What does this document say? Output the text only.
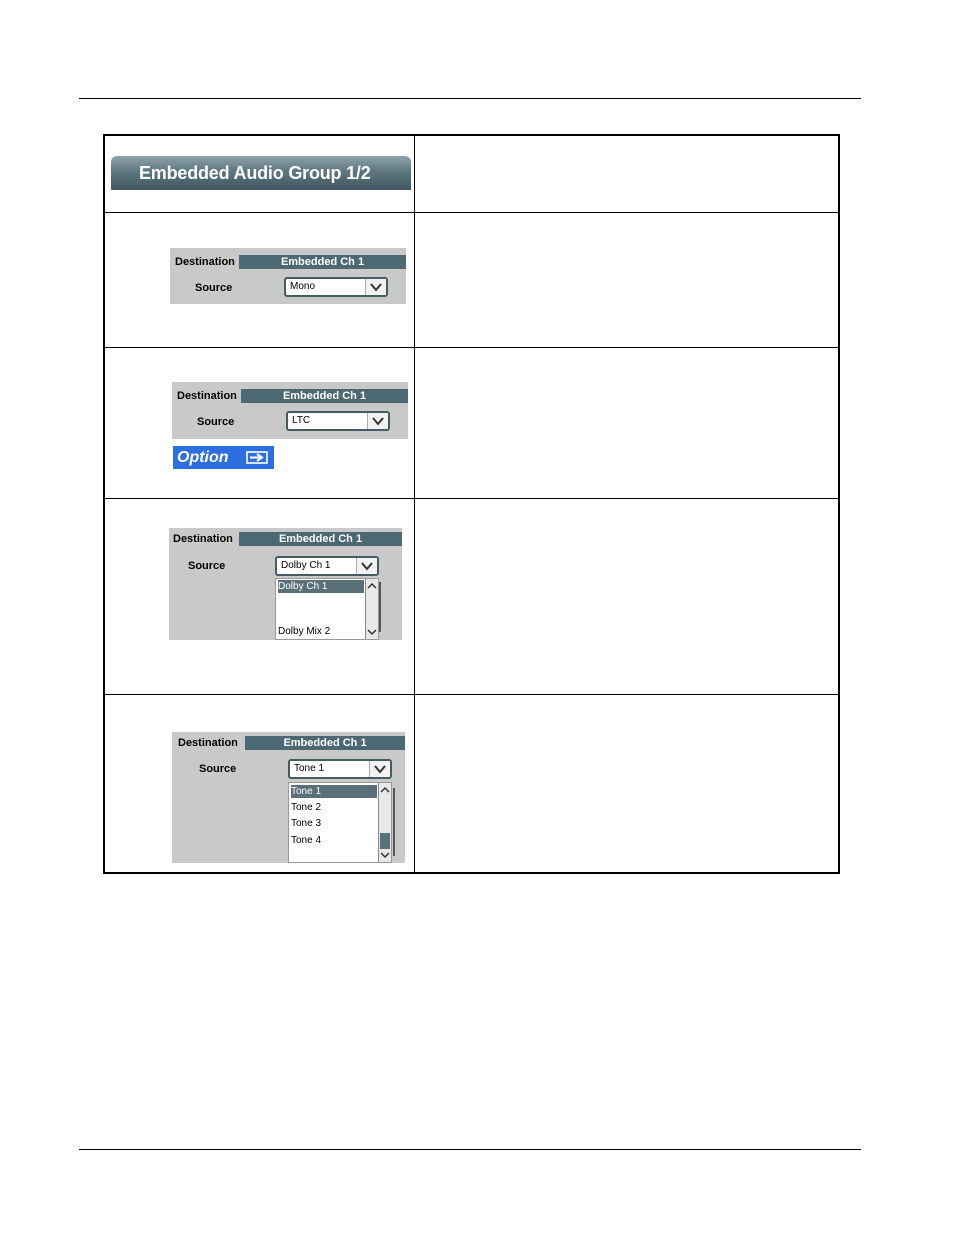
Embedded Audio Group 1/2
Destination	Embedded Ch 1
Source	Mono
Destination	Embedded Ch 1
Source	LTC
Option
Destination	Embedded Ch 1
Source	Dolby Ch 1
Dolby Ch 1
Dolby Mix 2
Destination	Embedded Ch 1
Source	Tone 1
Tone 1
Tone 2
Tone 3
Tone 4
